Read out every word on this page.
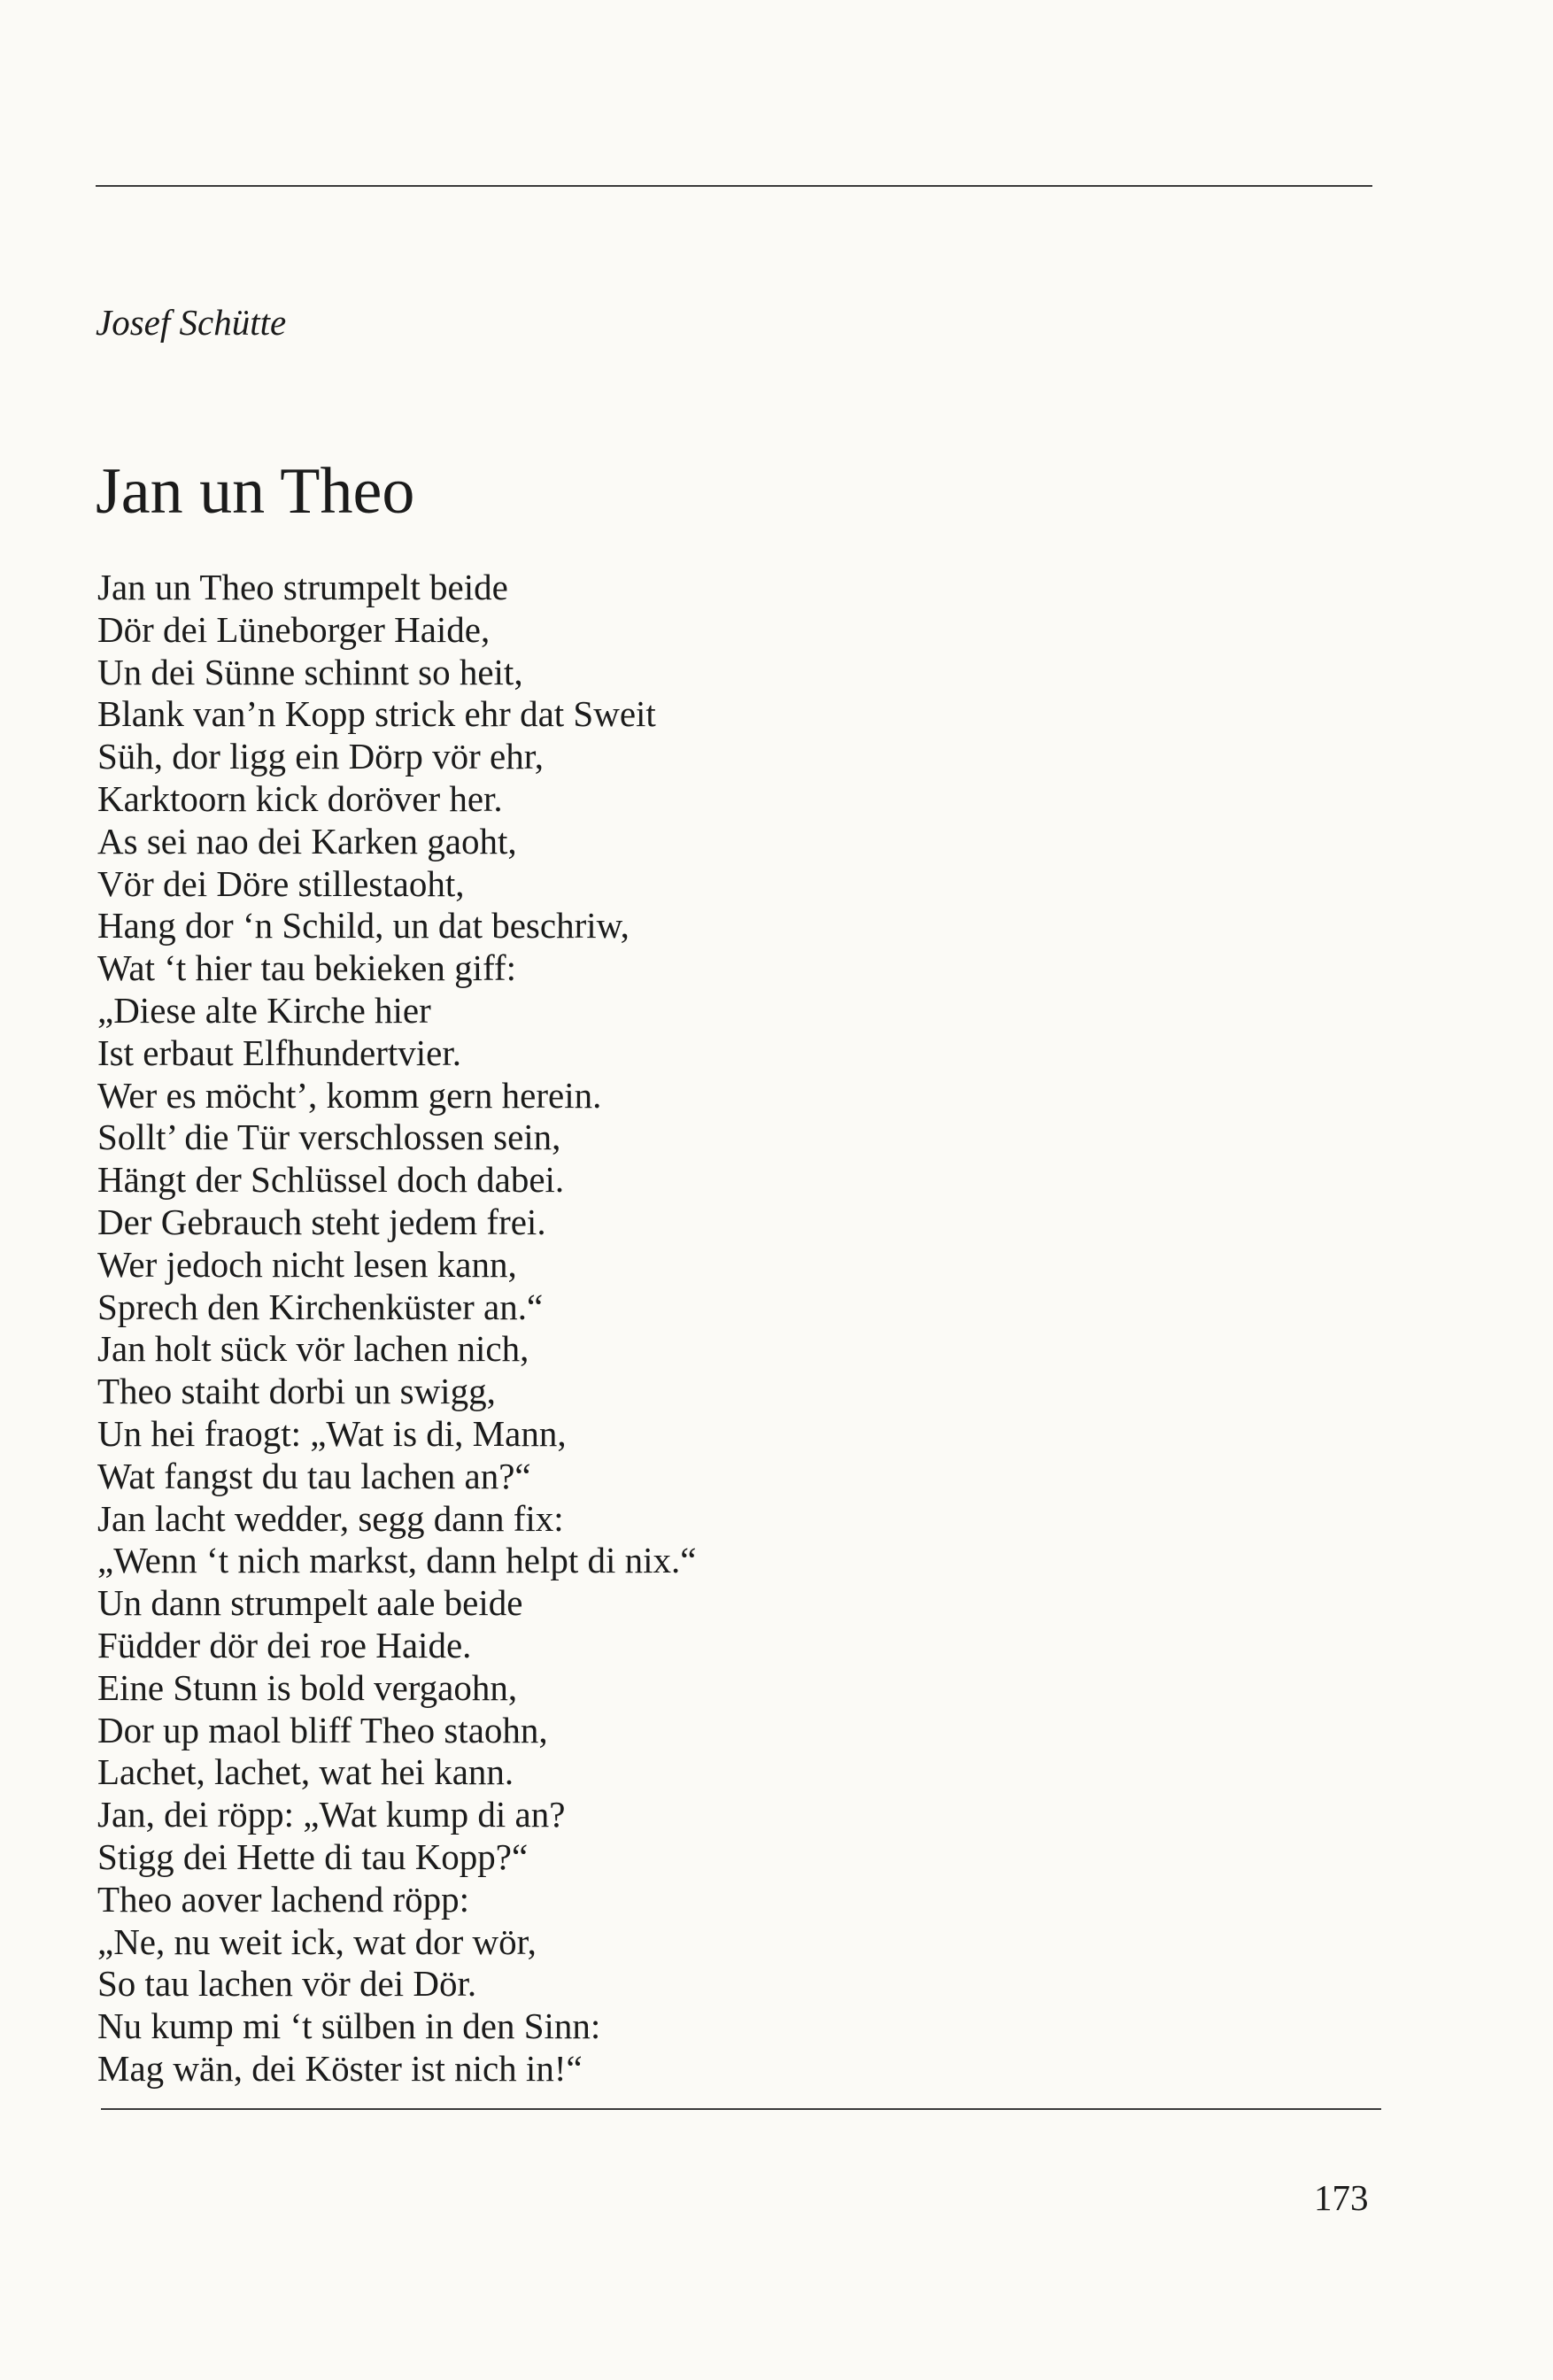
Josef Schütte
Jan un Theo
Jan un Theo strumpelt beide
Dör dei Lüneborger Haide,
Un dei Sünne schinnt so heit,
Blank van’n Kopp strick ehr dat Sweit
Süh, dor ligg ein Dörp vör ehr,
Karktoorn kick doröver her.
As sei nao dei Karken gaoht,
Vör dei Döre stillestaoht,
Hang dor ‘n Schild, un dat beschriw,
Wat ‘t hier tau bekieken giff:
„Diese alte Kirche hier
Ist erbaut Elfhundertvier.
Wer es möcht’, komm gern herein.
Sollt’ die Tür verschlossen sein,
Hängt der Schlüssel doch dabei.
Der Gebrauch steht jedem frei.
Wer jedoch nicht lesen kann,
Sprech den Kirchenküster an.“
Jan holt sück vör lachen nich,
Theo staiht dorbi un swigg,
Un hei fraogt: „Wat is di, Mann,
Wat fangst du tau lachen an?“
Jan lacht wedder, segg dann fix:
„Wenn ‘t nich markst, dann helpt di nix.“
Un dann strumpelt aale beide
Füdder dör dei roe Haide.
Eine Stunn is bold vergaohn,
Dor up maol bliff Theo staohn,
Lachet, lachet, wat hei kann.
Jan, dei röpp: „Wat kump di an?
Stigg dei Hette di tau Kopp?“
Theo aover lachend röpp:
„Ne, nu weit ick, wat dor wör,
So tau lachen vör dei Dör.
Nu kump mi ‘t sülben in den Sinn:
Mag wän, dei Köster ist nich in!“
173
